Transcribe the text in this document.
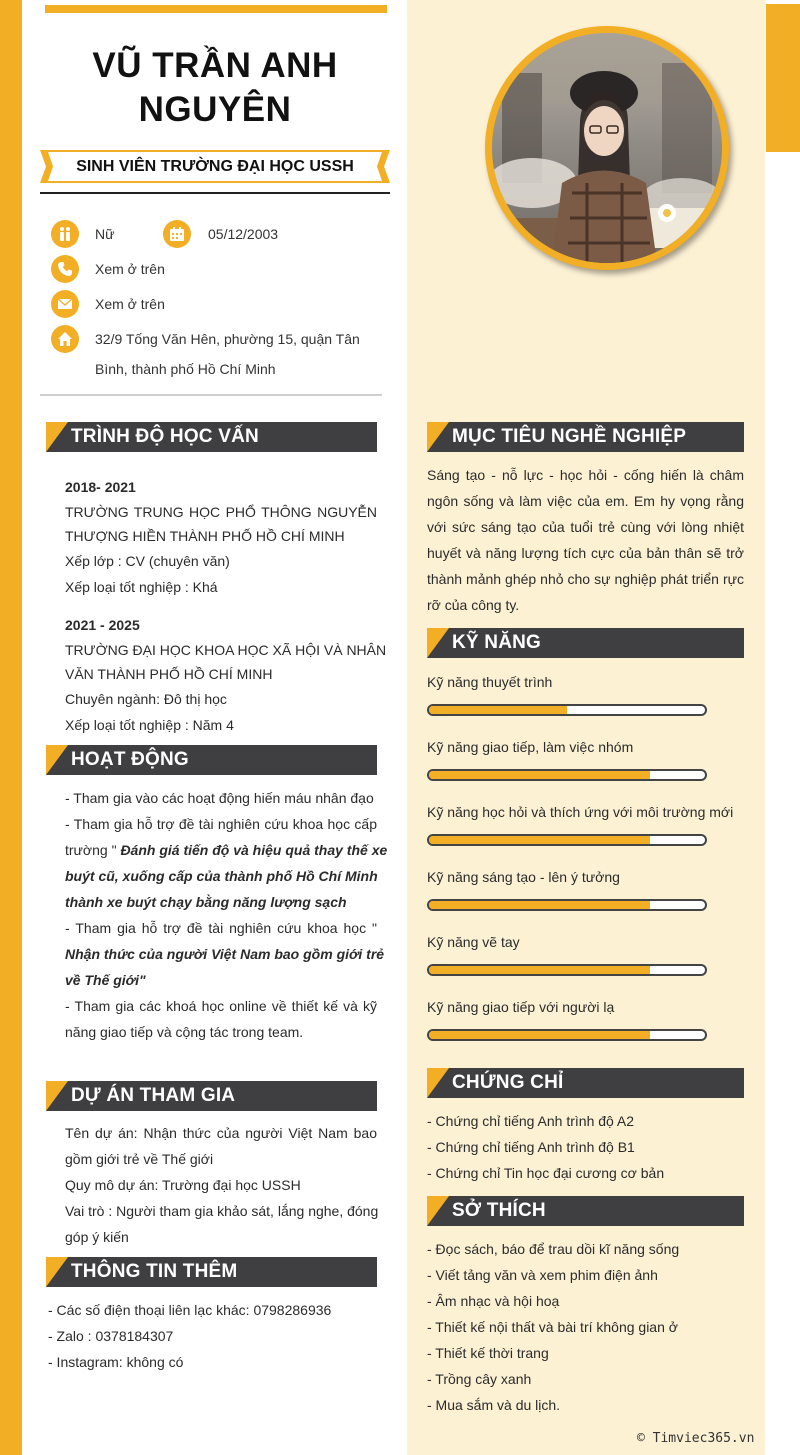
VŨ TRẦN ANH
NGUYÊN
SINH VIÊN TRƯỜNG ĐẠI HỌC USSH
Nữ	05/12/2003
Xem ở trên
Xem ở trên
32/9 Tống Văn Hên, phường 15, quận Tân
Bình, thành phố Hồ Chí Minh
TRÌNH ĐỘ HỌC VẤN
2018- 2021
TRƯỜNG TRUNG HỌC PHỔ THÔNG NGUYỄN
THƯỢNG HIỀN THÀNH PHỐ HỒ CHÍ MINH
Xếp lớp : CV (chuyên văn)
Xếp loại tốt nghiệp : Khá
2021 - 2025
TRƯỜNG ĐẠI HỌC KHOA HỌC XÃ HỘI VÀ NHÂN
VĂN THÀNH PHỐ HỒ CHÍ MINH
Chuyên ngành: Đô thị học
Xếp loại tốt nghiệp : Năm 4
HOẠT ĐỘNG
- Tham gia vào các hoạt động hiến máu nhân đạo
- Tham gia hỗ trợ đề tài nghiên cứu khoa học cấp
trường " Đánh giá tiến độ và hiệu quả thay thế xe
buýt cũ, xuống cấp của thành phố Hồ Chí Minh
thành xe buýt chạy bằng năng lượng sạch
- Tham gia hỗ trợ đề tài nghiên cứu khoa học "
Nhận thức của người Việt Nam bao gồm giới trẻ
về Thế giới"
- Tham gia các khoá học online về thiết kế và kỹ
năng giao tiếp và cộng tác trong team.
DỰ ÁN THAM GIA
Tên dự án: Nhận thức của người Việt Nam bao
gồm giới trẻ về Thế giới
Quy mô dự án: Trường đại học USSH
Vai trò : Người tham gia khảo sát, lắng nghe, đóng
góp ý kiến
THÔNG TIN THÊM
- Các số điện thoại liên lạc khác: 0798286936
- Zalo : 0378184307
- Instagram: không có
MỤC TIÊU NGHỀ NGHIỆP
Sáng tạo - nỗ lực - học hỏi - cống hiến là châm
ngôn sống và làm việc của em. Em hy vọng rằng
với sức sáng tạo của tuổi trẻ cùng với lòng nhiệt
huyết và năng lượng tích cực của bản thân sẽ trở
thành mảnh ghép nhỏ cho sự nghiệp phát triển rực
rỡ của công ty.
KỸ NĂNG
Kỹ năng thuyết trình
Kỹ năng giao tiếp, làm việc nhóm
Kỹ năng học hỏi và thích ứng với môi trường mới
Kỹ năng sáng tạo - lên ý tưởng
Kỹ năng vẽ tay
Kỹ năng giao tiếp với người lạ
CHỨNG CHỈ
- Chứng chỉ tiếng Anh trình độ A2
- Chứng chỉ tiếng Anh trình độ B1
- Chứng chỉ Tin học đại cương cơ bản
SỞ THÍCH
- Đọc sách, báo để trau dồi kĩ năng sống
- Viết tảng văn và xem phim điện ảnh
- Âm nhạc và hội hoạ
- Thiết kế nội thất và bài trí không gian ở
- Thiết kế thời trang
- Trồng cây xanh
- Mua sắm và du lịch.
© Timviec365.vn
